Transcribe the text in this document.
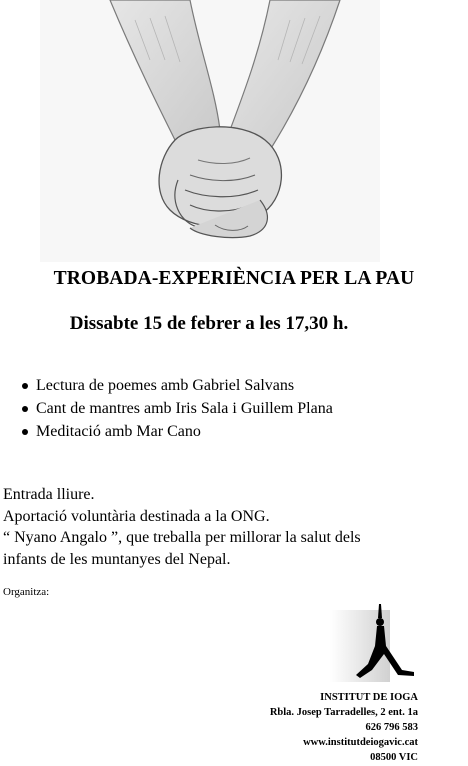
TROBADA-EXPERIÈNCIA PER LA PAU
Dissabte 15 de febrer a les 17,30 h.
Lectura de poemes amb Gabriel Salvans
Cant de mantres amb Iris Sala i Guillem Plana
Meditació amb Mar Cano
Entrada lliure.
Aportació voluntària destinada a la ONG.
“ Nyano Angalo ”, que treballa per millorar la salut dels
infants de les muntanyes del Nepal.
Organitza:
INSTITUT DE IOGA
Rbla. Josep Tarradelles, 2 ent. 1a
626 796 583
www.institutdeiogavic.cat
08500 VIC
